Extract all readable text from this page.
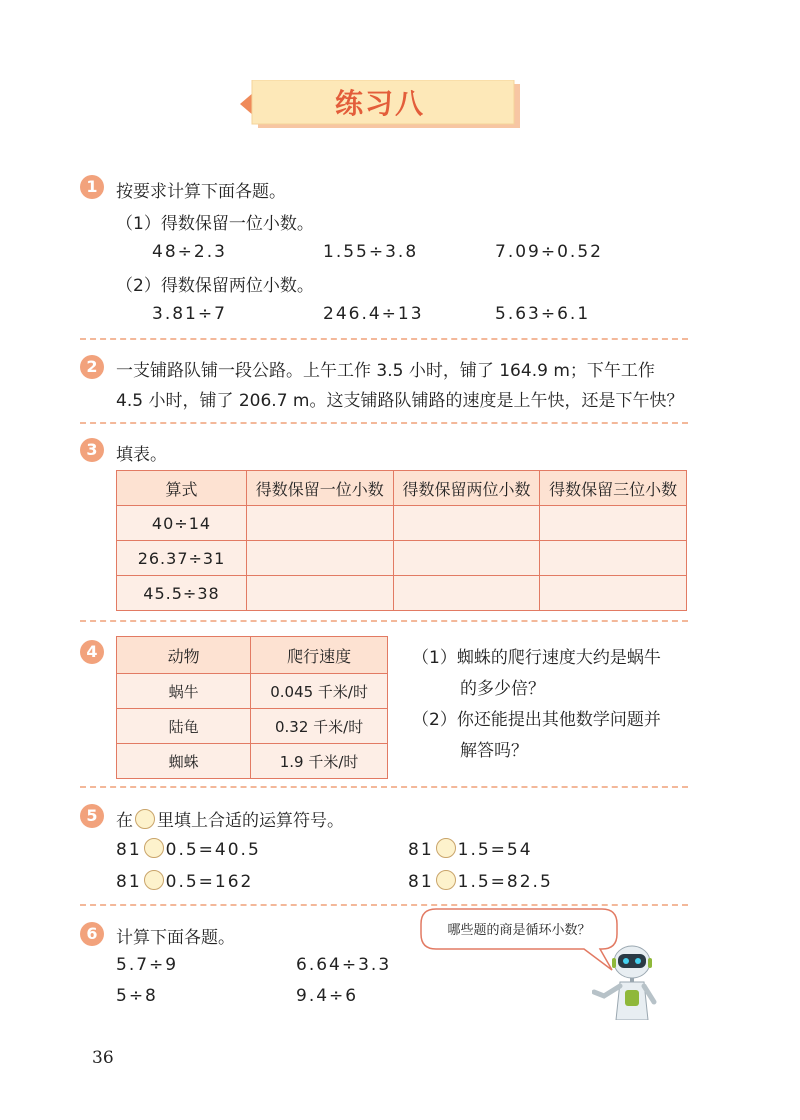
练习八
1	按要求计算下面各题。
（1）得数保留一位小数。
48÷2.3	1.55÷3.8	7.09÷0.52
（2）得数保留两位小数。
3.81÷7	246.4÷13	5.63÷6.1
2	一支铺路队铺一段公路。上午工作 3.5 小时，铺了 164.9 m；下午工作
4.5 小时，铺了 206.7 m。这支铺路队铺路的速度是上午快，还是下午快？
3	填表。
算式	得数保留一位小数	得数保留两位小数	得数保留三位小数
40÷14			
26.37÷31			
45.5÷38			
4	动物	爬行速度
蜗牛	0.045 千米/时
陆龟	0.32 千米/时
蜘蛛	1.9 千米/时
（1）蜘蛛的爬行速度大约是蜗牛
的多少倍？
（2）你还能提出其他数学问题并
解答吗？
5	在 里填上合适的运算符号。
81 0.5=40.5	81 1.5=54
81 0.5=162	81 1.5=82.5
6	计算下面各题。
5.7÷9	6.64÷3.3
5÷8	9.4÷6
哪些题的商是循环小数？
36
